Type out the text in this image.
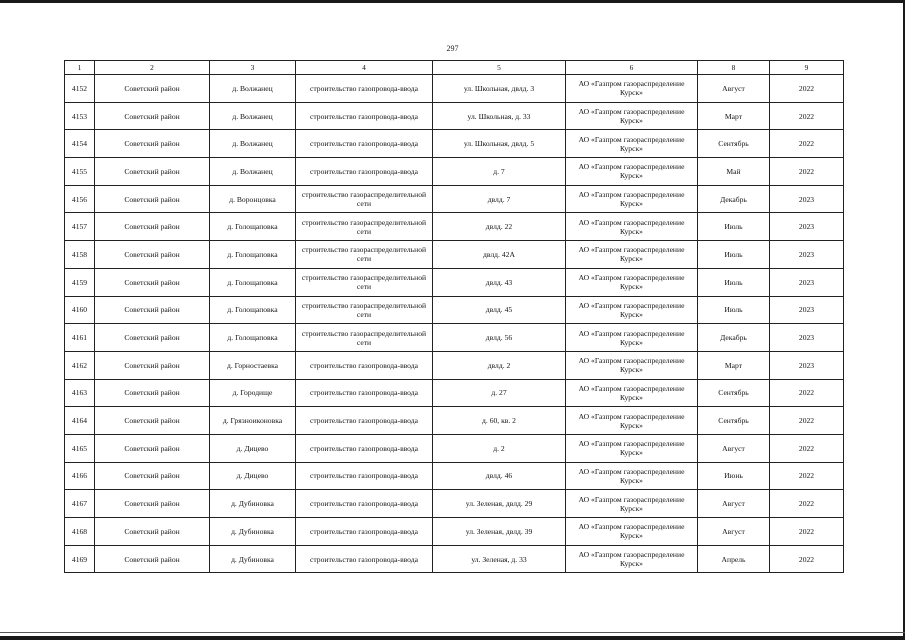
297
1	2	3	4	5	6	8	9
4152	Советский район	д. Волжанец	строительство газопровода-ввода	ул. Школьная, двлд. 3	АО «Газпром газораспределение Курск»	Август	2022
4153	Советский район	д. Волжанец	строительство газопровода-ввода	ул. Школьная, д. 33	АО «Газпром газораспределение Курск»	Март	2022
4154	Советский район	д. Волжанец	строительство газопровода-ввода	ул. Школьная, двлд. 5	АО «Газпром газораспределение Курск»	Сентябрь	2022
4155	Советский район	д. Волжанец	строительство газопровода-ввода	д. 7	АО «Газпром газораспределение Курск»	Май	2022
4156	Советский район	д. Воронцовка	строительство газораспределительной сети	двлд. 7	АО «Газпром газораспределение Курск»	Декабрь	2023
4157	Советский район	д. Голощаповка	строительство газораспределительной сети	двлд. 22	АО «Газпром газораспределение Курск»	Июль	2023
4158	Советский район	д. Голощаповка	строительство газораспределительной сети	двлд. 42А	АО «Газпром газораспределение Курск»	Июль	2023
4159	Советский район	д. Голощаповка	строительство газораспределительной сети	двлд. 43	АО «Газпром газораспределение Курск»	Июль	2023
4160	Советский район	д. Голощаповка	строительство газораспределительной сети	двлд. 45	АО «Газпром газораспределение Курск»	Июль	2023
4161	Советский район	д. Голощаповка	строительство газораспределительной сети	двлд. 56	АО «Газпром газораспределение Курск»	Декабрь	2023
4162	Советский район	д. Горностаевка	строительство газопровода-ввода	двлд. 2	АО «Газпром газораспределение Курск»	Март	2023
4163	Советский район	д. Городище	строительство газопровода-ввода	д. 27	АО «Газпром газораспределение Курск»	Сентябрь	2022
4164	Советский район	д. Грязноиконовка	строительство газопровода-ввода	д. 60, кв. 2	АО «Газпром газораспределение Курск»	Сентябрь	2022
4165	Советский район	д. Дицево	строительство газопровода-ввода	д. 2	АО «Газпром газораспределение Курск»	Август	2022
4166	Советский район	д. Дицево	строительство газопровода-ввода	двлд. 46	АО «Газпром газораспределение Курск»	Июнь	2022
4167	Советский район	д. Дубиновка	строительство газопровода-ввода	ул. Зеленая, двлд. 29	АО «Газпром газораспределение Курск»	Август	2022
4168	Советский район	д. Дубиновка	строительство газопровода-ввода	ул. Зеленая, двлд. 39	АО «Газпром газораспределение Курск»	Август	2022
4169	Советский район	д. Дубиновка	строительство газопровода-ввода	ул. Зеленая, д. 33	АО «Газпром газораспределение Курск»	Апрель	2022
